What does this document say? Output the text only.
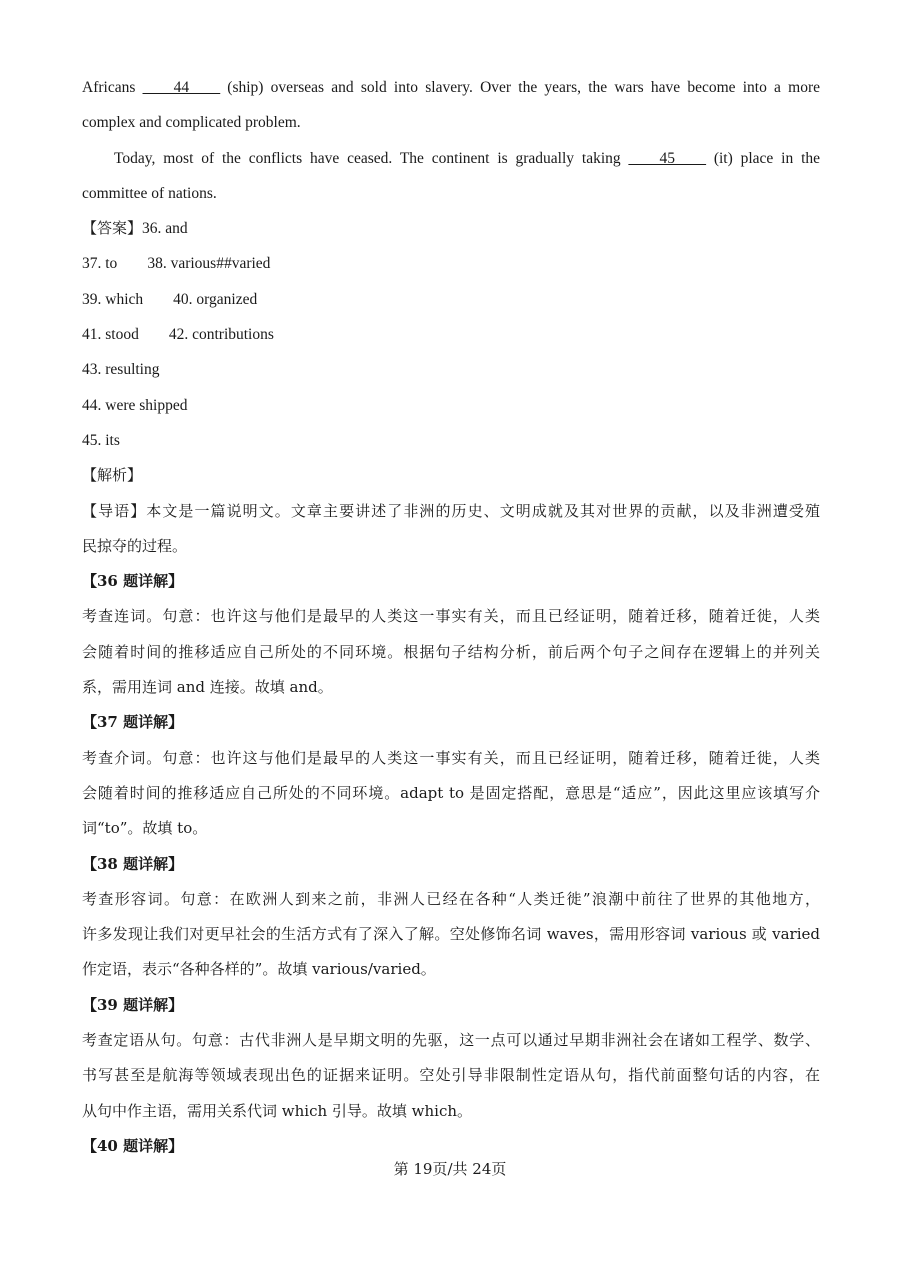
Africans ____44____ (ship) overseas and sold into slavery. Over the years, the wars have become into a more
complex and complicated problem.
Today, most of the conflicts have ceased. The continent is gradually taking ____45____ (it) place in the
committee of nations.
【答案】36. and
37. to 38. various##varied
39. which 40. organized
41. stood 42. contributions
43. resulting
44. were shipped
45. its
【解析】
【导语】本文是一篇说明文。文章主要讲述了非洲的历史、文明成就及其对世界的贡献，以及非洲遭受殖
民掠夺的过程。
【36 题详解】
考查连词。句意：也许这与他们是最早的人类这一事实有关，而且已经证明，随着迁移，随着迁徙，人类
会随着时间的推移适应自己所处的不同环境。根据句子结构分析，前后两个句子之间存在逻辑上的并列关
系，需用连词 and 连接。故填 and。
【37 题详解】
考查介词。句意：也许这与他们是最早的人类这一事实有关，而且已经证明，随着迁移，随着迁徙，人类
会随着时间的推移适应自己所处的不同环境。adapt to 是固定搭配，意思是“适应”，因此这里应该填写介
词“to”。故填 to。
【38 题详解】
考查形容词。句意：在欧洲人到来之前，非洲人已经在各种“人类迁徙”浪潮中前往了世界的其他地方，
许多发现让我们对更早社会的生活方式有了深入了解。空处修饰名词 waves，需用形容词 various 或 varied
作定语，表示“各种各样的”。故填 various/varied。
【39 题详解】
考查定语从句。句意：古代非洲人是早期文明的先驱，这一点可以通过早期非洲社会在诸如工程学、数学、
书写甚至是航海等领域表现出色的证据来证明。空处引导非限制性定语从句，指代前面整句话的内容，在
从句中作主语，需用关系代词 which 引导。故填 which。
【40 题详解】
第 19页/共 24页
